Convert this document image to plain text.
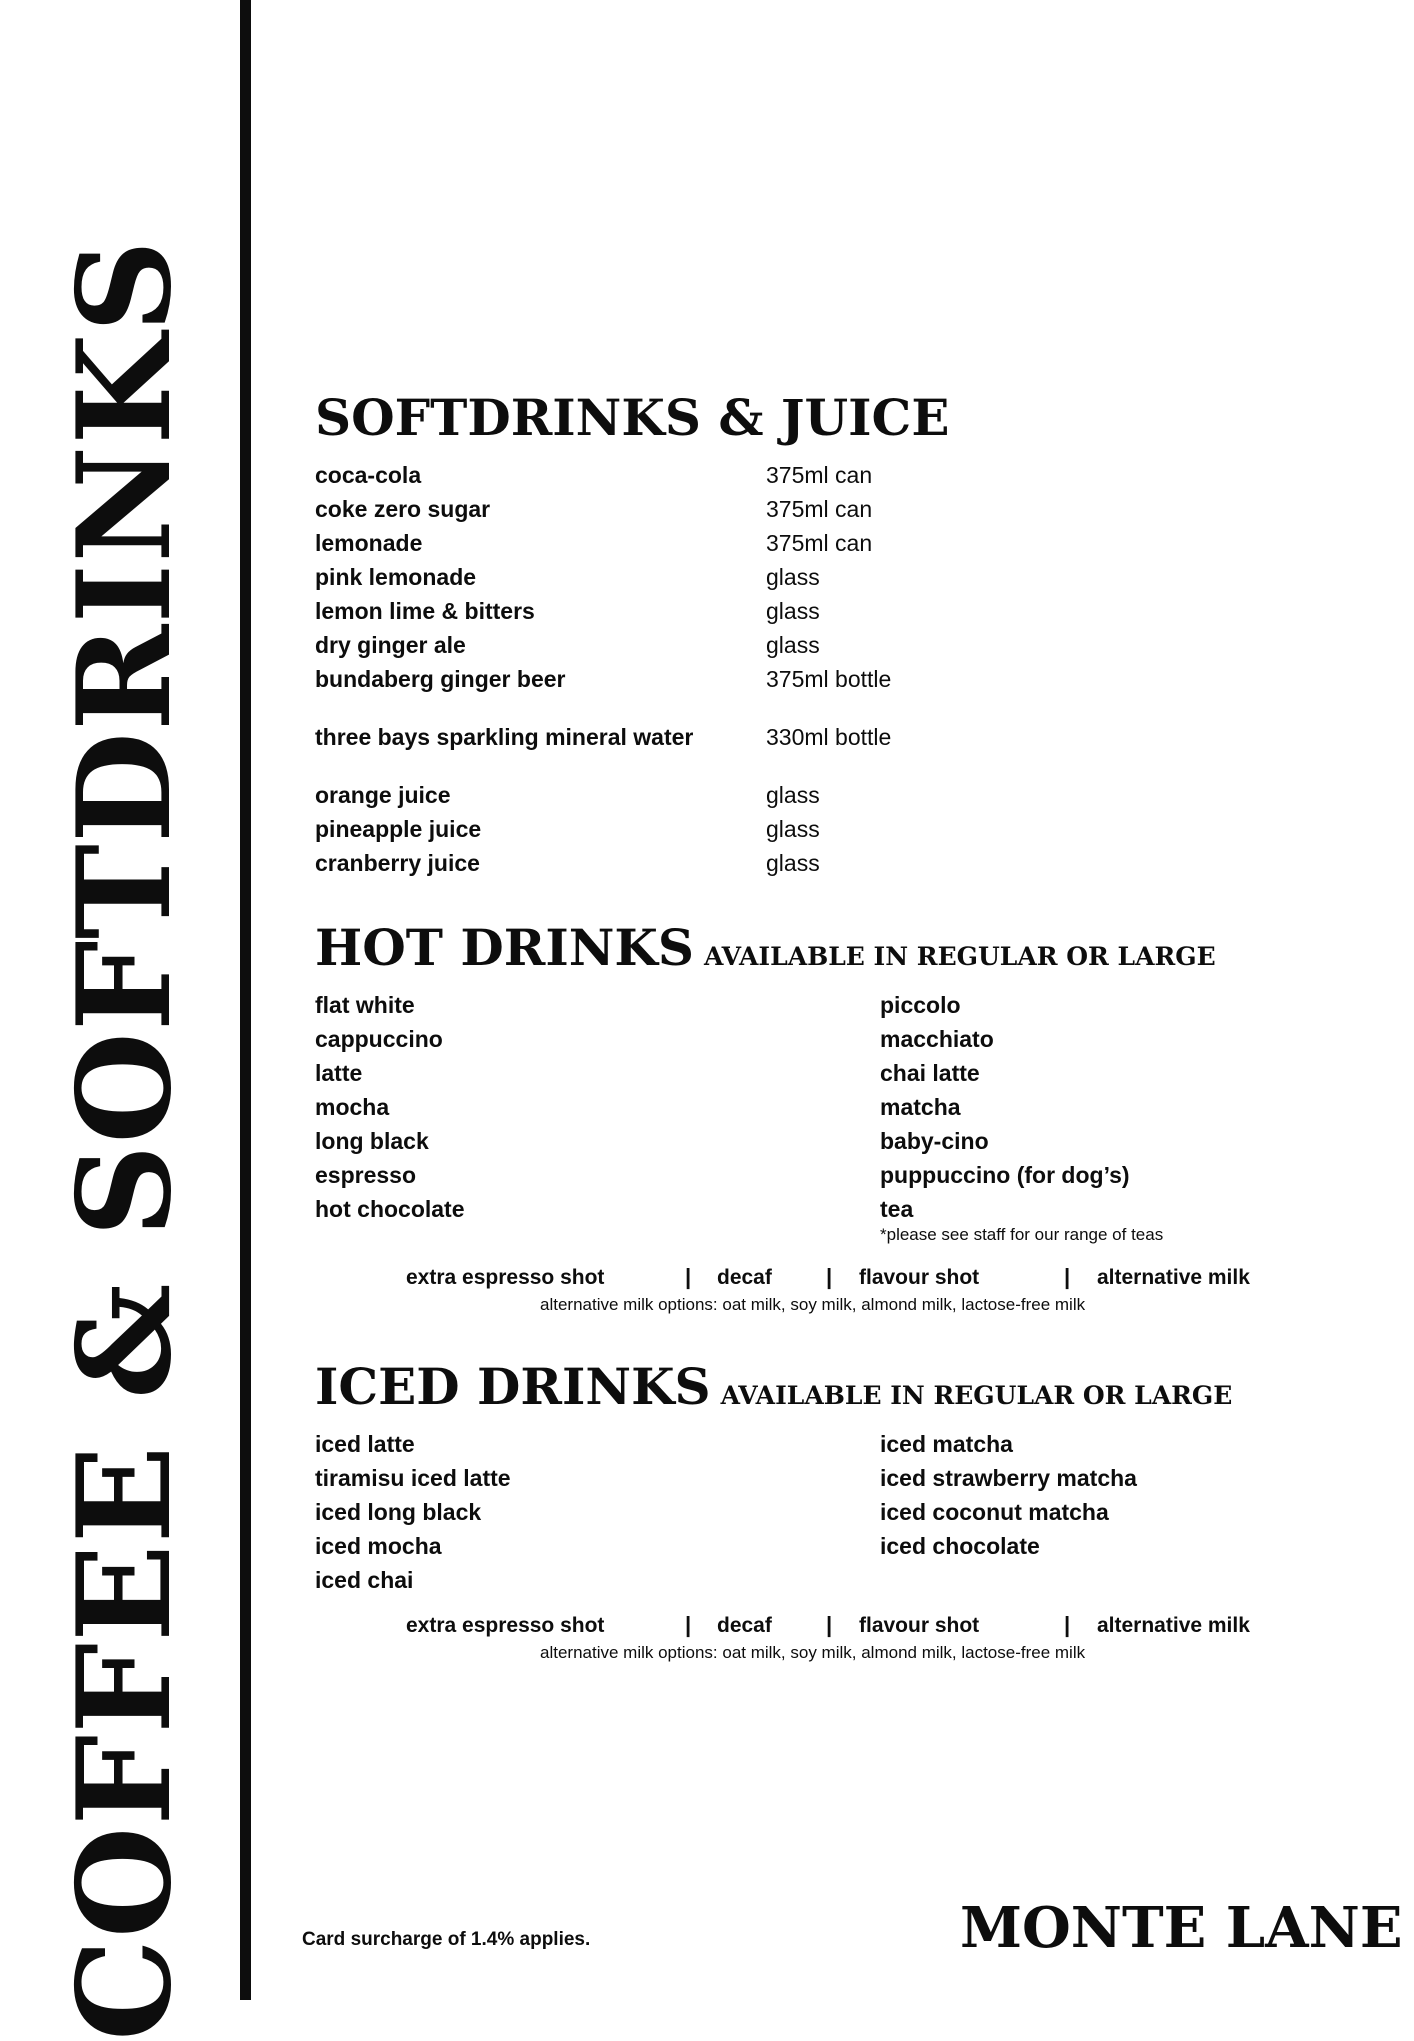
COFFEE & SOFTDRINKS SOFTDRINKS & JUICE
coca-cola	375ml can
coke zero sugar	375ml can
lemonade	375ml can
pink lemonade	glass
lemon lime & bitters	glass
dry ginger ale	glass
bundaberg ginger beer	375ml bottle
three bays sparkling mineral water	330ml bottle
orange juice	glass
pineapple juice	glass
cranberry juice	glass
HOT DRINKS AVAILABLE IN REGULAR OR LARGE
flat white
cappuccino
latte
mocha
long black
espresso
hot chocolate
piccolo
macchiato
chai latte
matcha
baby-cino
puppuccino (for dog’s)
tea
*please see staff for our range of teas
extra espresso shot	| decaf | flavour shot	| alternative milk
alternative milk options: oat milk, soy milk, almond milk, lactose-free milk
ICED DRINKS AVAILABLE IN REGULAR OR LARGE
iced latte
tiramisu iced latte
iced long black
iced mocha
iced chai
iced matcha
iced strawberry matcha
iced coconut matcha
iced chocolate
extra espresso shot	| decaf | flavour shot	| alternative milk
alternative milk options: oat milk, soy milk, almond milk, lactose-free milk
Card surcharge of 1.4% applies.	MONTE LANE
